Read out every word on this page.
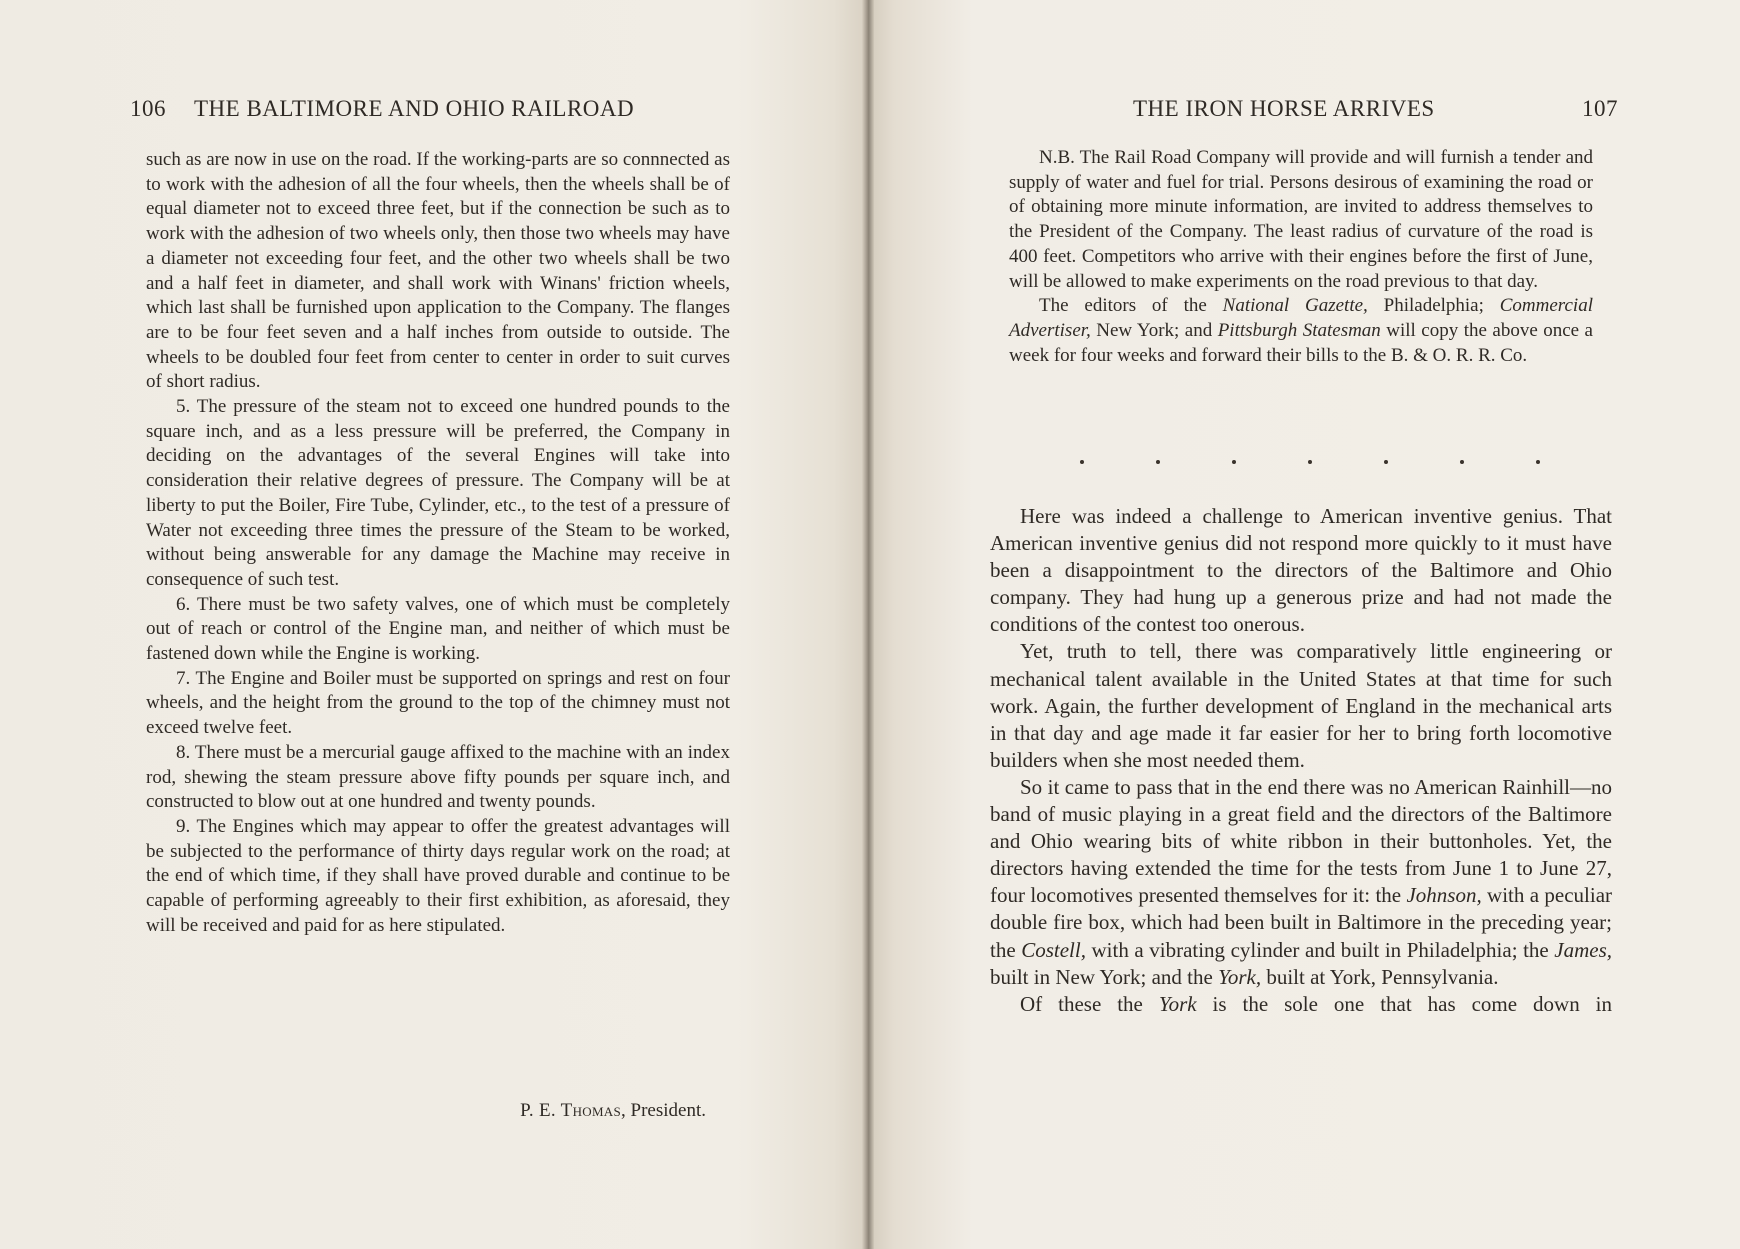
106 THE BALTIMORE AND OHIO RAILROAD

such as are now in use on the road. If the working-parts are so connnected as to work with the adhesion of all the four wheels, then the wheels shall be of equal diameter not to exceed three feet, but if the connection be such as to work with the adhesion of two wheels only, then those two wheels may have a diameter not exceeding four feet, and the other two wheels shall be two and a half feet in diameter, and shall work with Winans' friction wheels, which last shall be furnished upon application to the Company. The flanges are to be four feet seven and a half inches from outside to outside. The wheels to be doubled four feet from center to center in order to suit curves of short radius.

5. The pressure of the steam not to exceed one hundred pounds to the square inch, and as a less pressure will be preferred, the Company in deciding on the advantages of the several Engines will take into consideration their relative degrees of pressure. The Company will be at liberty to put the Boiler, Fire Tube, Cylinder, etc., to the test of a pressure of Water not exceeding three times the pressure of the Steam to be worked, without being answerable for any damage the Machine may receive in consequence of such test.

6. There must be two safety valves, one of which must be completely out of reach or control of the Engine man, and neither of which must be fastened down while the Engine is working.

7. The Engine and Boiler must be supported on springs and rest on four wheels, and the height from the ground to the top of the chimney must not exceed twelve feet.

8. There must be a mercurial gauge affixed to the machine with an index rod, shewing the steam pressure above fifty pounds per square inch, and constructed to blow out at one hundred and twenty pounds.

9. The Engines which may appear to offer the greatest advantages will be subjected to the performance of thirty days regular work on the road; at the end of which time, if they shall have proved durable and continue to be capable of performing agreeably to their first exhibition, as aforesaid, they will be received and paid for as here stipulated.

P. E. Thomas, President.
THE IRON HORSE ARRIVES	107

N.B. The Rail Road Company will provide and will furnish a tender and supply of water and fuel for trial. Persons desirous of examining the road or of obtaining more minute information, are invited to address themselves to the President of the Company. The least radius of curvature of the road is 400 feet. Competitors who arrive with their engines before the first of June, will be allowed to make experiments on the road previous to that day.

The editors of the National Gazette, Philadelphia; Commercial Advertiser, New York; and Pittsburgh Statesman will copy the above once a week for four weeks and forward their bills to the B. & O. R. R. Co.

Here was indeed a challenge to American inventive genius. That American inventive genius did not respond more quickly to it must have been a disappointment to the directors of the Baltimore and Ohio company. They had hung up a generous prize and had not made the conditions of the contest too onerous.

Yet, truth to tell, there was comparatively little engineering or mechanical talent available in the United States at that time for such work. Again, the further development of England in the mechanical arts in that day and age made it far easier for her to bring forth locomotive builders when she most needed them.

So it came to pass that in the end there was no American Rainhill—no band of music playing in a great field and the directors of the Baltimore and Ohio wearing bits of white ribbon in their buttonholes. Yet, the directors having extended the time for the tests from June 1 to June 27, four locomotives presented themselves for it: the Johnson, with a peculiar double fire box, which had been built in Baltimore in the preceding year; the Costell, with a vibrating cylinder and built in Philadelphia; the James, built in New York; and the York, built at York, Pennsylvania.

Of these the York is the sole one that has come down in
